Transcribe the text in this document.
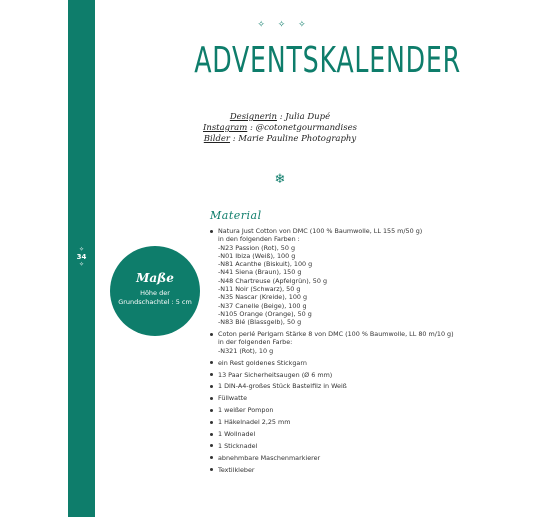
✧
34
✧
✧ ✧ ✧
ADVENTSKALENDER
Designerin : Julia Dupé
Instagram : @cotonetgourmandises
Bilder : Marie Pauline Photography
❄
Maße
Höhe der Grundschachtel : 5 cm
Material
Natura Just Cotton von DMC (100 % Baumwolle, LL 155 m/50 g)
in den folgenden Farben :
-N23 Passion (Rot), 50 g
-N01 Ibiza (Weiß), 100 g
-N81 Acanthe (Biskuit), 100 g
-N41 Siena (Braun), 150 g
-N48 Chartreuse (Apfelgrün), 50 g
-N11 Noir (Schwarz), 50 g
-N35 Nascar (Kreide), 100 g
-N37 Canelle (Beige), 100 g
-N105 Orange (Orange), 50 g
-N83 Blé (Blassgelb), 50 g
Coton perlé Perlgarn Stärke 8 von DMC (100 % Baumwolle, LL 80 m/10 g)
in der folgenden Farbe:
-N321 (Rot), 10 g
ein Rest goldenes Stickgarn
13 Paar Sicherheitsaugen (Ø 6 mm)
1 DIN-A4-großes Stück Bastelfilz in Weiß
Füllwatte
1 weißer Pompon
1 Häkelnadel 2,25 mm
1 Wollnadel
1 Sticknadel
abnehmbare Maschenmarkierer
Textilkleber
